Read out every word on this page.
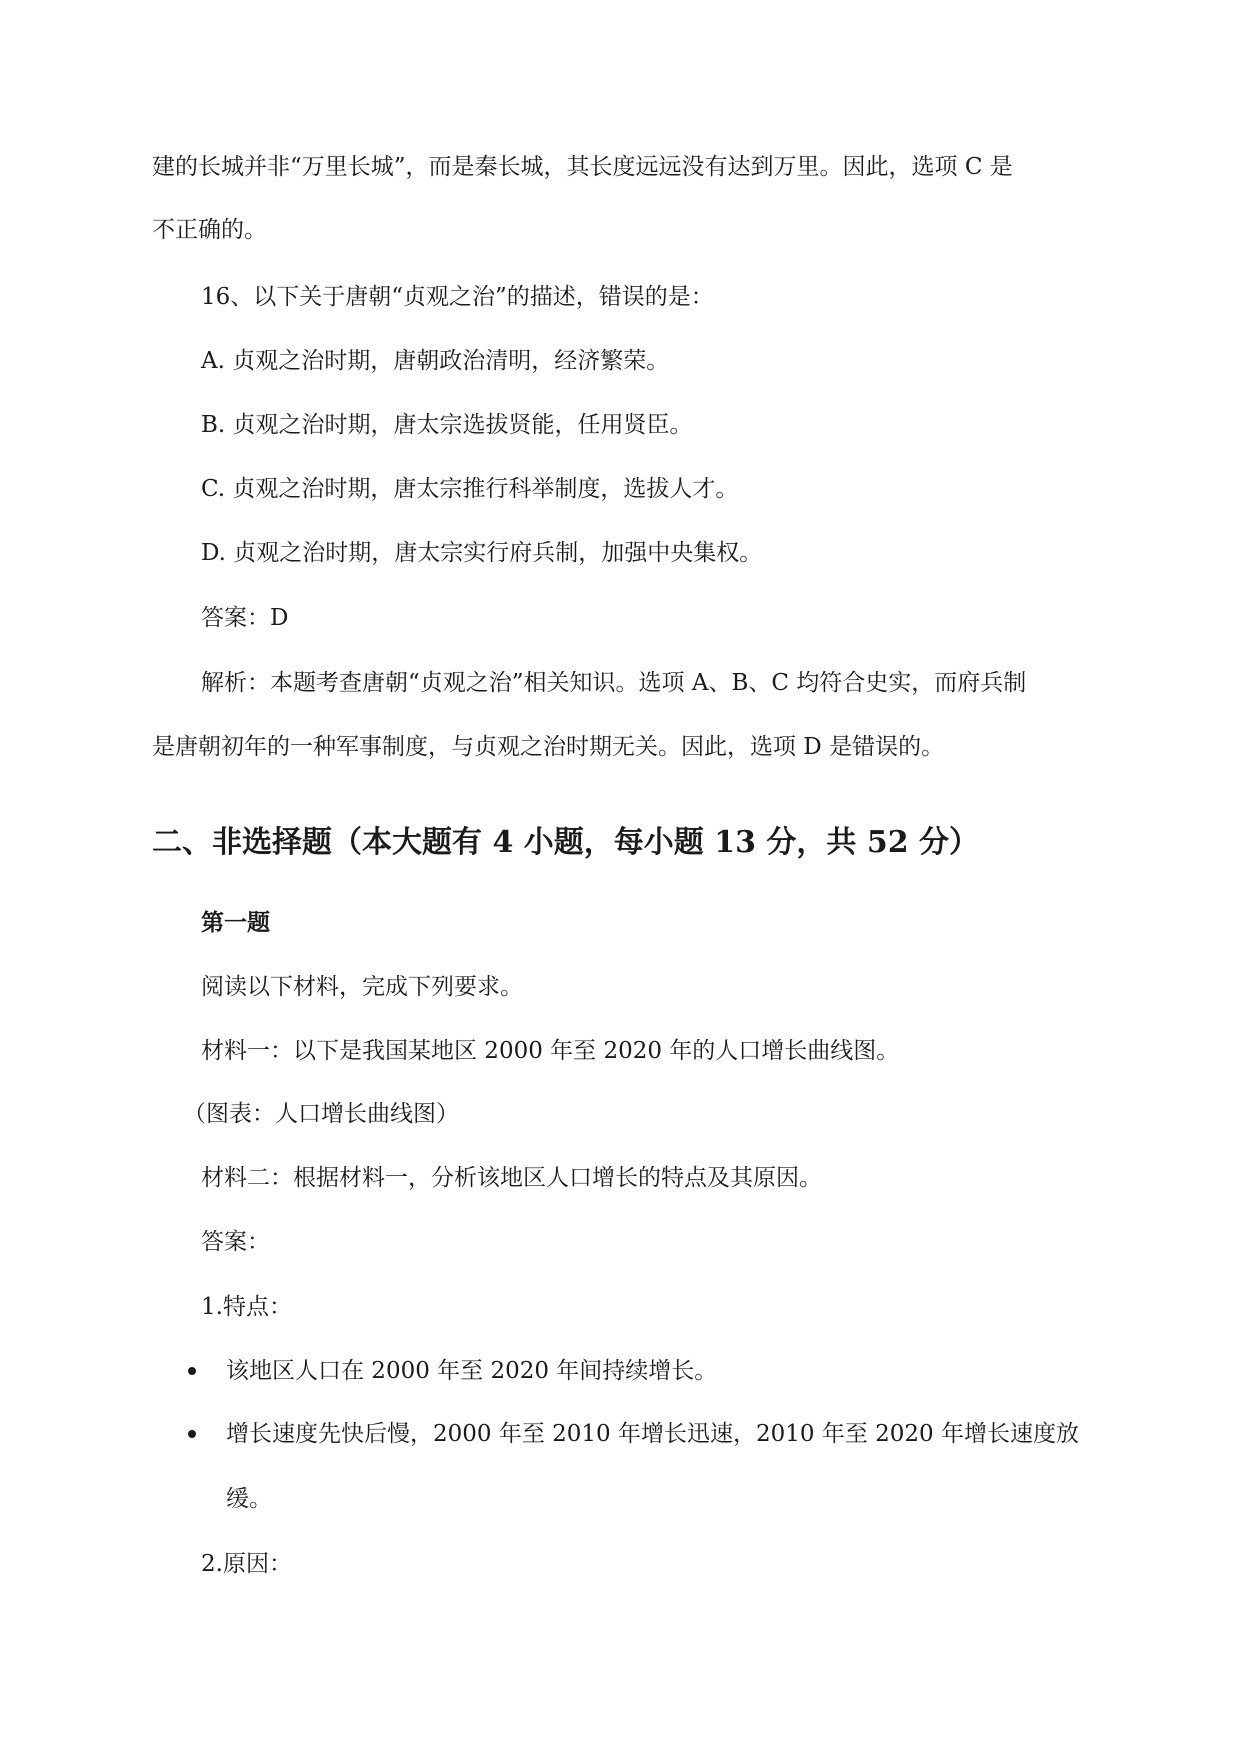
建的长城并非“万里长城”，而是秦长城，其长度远远没有达到万里。因此，选项 C 是
不正确的。
16、以下关于唐朝“贞观之治”的描述，错误的是：
A. 贞观之治时期，唐朝政治清明，经济繁荣。
B. 贞观之治时期，唐太宗选拔贤能，任用贤臣。
C. 贞观之治时期，唐太宗推行科举制度，选拔人才。
D. 贞观之治时期，唐太宗实行府兵制，加强中央集权。
答案：D
解析：本题考查唐朝“贞观之治”相关知识。选项 A、B、C 均符合史实，而府兵制
是唐朝初年的一种军事制度，与贞观之治时期无关。因此，选项 D 是错误的。
二、非选择题（本大题有 4 小题，每小题 13 分，共 52 分）
第一题
阅读以下材料，完成下列要求。
材料一：以下是我国某地区 2000 年至 2020 年的人口增长曲线图。
（图表：人口增长曲线图）
材料二：根据材料一，分析该地区人口增长的特点及其原因。
答案：
1.特点：
该地区人口在 2000 年至 2020 年间持续增长。
增长速度先快后慢，2000 年至 2010 年增长迅速，2010 年至 2020 年增长速度放
缓。
2.原因：
